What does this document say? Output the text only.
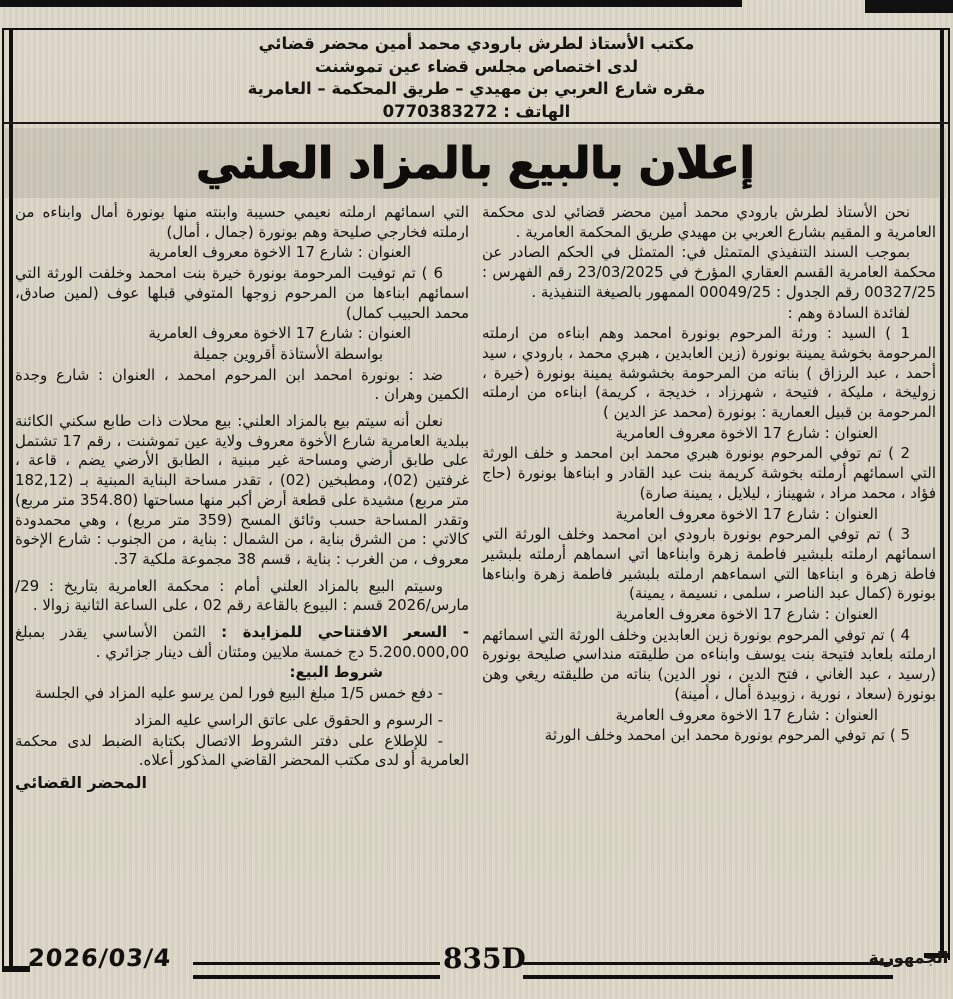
مكتب الأستاذ لطرش بارودي محمد أمين محضر قضائي
لدى اختصاص مجلس قضاء عين تموشنت
مقره شارع العربي بن مهيدي – طريق المحكمة – العامرية
الهاتف : 0770383272
إعلان بالبيع بالمزاد العلني

نحن الأستاذ لطرش بارودي محمد أمين محضر قضائي لدى محكمة العامرية و المقيم بشارع العربي بن مهيدي طريق المحكمة العامرية .

بموجب السند التنفيذي المتمثل في: المتمثل في الحكم الصادر عن محكمة العامرية القسم العقاري المؤرخ في 23/03/2025 رقم الفهرس : 00327/25 رقم الجدول : 00049/25 الممهور بالصيغة التنفيذية .

لفائدة السادة وهم :

1 ) السيد : ورثة المرحوم بونورة امحمد وهم ابناءه من ارملته المرحومة بخوشة يمينة بونورة (زين العابدين ، هبري محمد ، بارودي ، سيد أحمد ، عبد الرزاق ) بناته من المرحومة بخشوشة يمينة بونورة (خيرة ، زوليخة ، مليكة ، فتيحة ، شهرزاد ، خديجة ، كريمة) ابناءه من ارملته المرحومة بن قبيل العمارية : بونورة (محمد عز الدين )

العنوان : شارع 17 الاخوة معروف العامرية

2 ) تم توفي المرحوم بونورة هبري محمد ابن امحمد و خلف الورثة التي اسمائهم أرملته بخوشة كريمة بنت عبد القادر و ابناءها بونورة (حاج فؤاد ، محمد مراد ، شهيناز ، ليلايل ، يمينة صارة)

العنوان : شارع 17 الاخوة معروف العامرية

3 ) تم توفي المرحوم بونورة بارودي ابن امحمد وخلف الورثة التي اسمائهم ارملته بلبشير فاطمة زهرة وابناءها اتي اسماهم أرملته بلبشير فاطة زهرة و ابناءها التي اسماءهم ارملته بلبشير فاطمة زهرة وابناءها بونورة (كمال عبد الناصر ، سلمى ، نسيمة ، يمينة)

العنوان : شارع 17 الاخوة معروف العامرية

4 ) تم توفي المرحوم بونورة زين العابدين وخلف الورثة التي اسمائهم ارملته بلعابد فتيحة بنت يوسف وابناءه من طليقته منداسي صليحة بونورة (رسيد ، عبد الغاني ، فتح الدين ، نور الدين) بناته من طليقته ريغي وهن بونورة (سعاد ، نورية ، زوبيدة أمال ، أمينة)

العنوان : شارع 17 الاخوة معروف العامرية

5 ) تم توفي المرحوم بونورة محمد ابن امحمد وخلف الورثة

التي اسمائهم ارملته نعيمي حسيبة وابنته منها بونورة أمال وابناءه من ارملته فخارجي صليحة وهم بونورة (جمال ، أمال)

العنوان : شارع 17 الاخوة معروف العامرية

6 ) تم توفيت المرحومة بونورة خيرة بنت امحمد وخلفت الورثة التي اسمائهم ابناءها من المرحوم زوجها المتوفي قبلها عوف (لمين صادق، محمد الحبيب كمال)

العنوان : شارع 17 الاخوة معروف العامرية

بواسطة الأستاذة أقروين جميلة

ضد : بونورة امحمد ابن المرحوم امحمد ، العنوان : شارع وجدة الكمين وهران .

نعلن أنه سيتم بيع بالمزاد العلني: بيع محلات ذات طابع سكني الكائنة ببلدية العامرية شارع الأخوة معروف ولاية عين تموشنت ، رقم 17 تشتمل على طابق أرضي ومساحة غير مبنية ، الطابق الأرضي يضم ، قاعة ، غرفتين (02)، ومطبخين (02) ، تقدر مساحة البناية المبنية بـ (182,12 متر مربع) مشيدة على قطعة أرض أكبر منها مساحتها (354.80 متر مربع) وتقدر المساحة حسب وثائق المسح (359 متر مربع) ، وهي محمدودة كالاتي : من الشرق بناية ، من الشمال : بناية ، من الجنوب : شارع الإخوة معروف ، من الغرب : بناية ، قسم 38 مجموعة ملكية 37.

وسيتم البيع بالمزاد العلني أمام : محكمة العامرية بتاريخ : 29/مارس/2026 قسم : البيوع بالقاعة رقم 02 ، على الساعة الثانية زوالا .

- السعر الافتتاحي للمزايدة : الثمن الأساسي يقدر بمبلغ 5.200.000,00 دج خمسة ملايين ومئتان ألف دينار جزائري .

شروط البيع:

- دفع خمس 1/5 مبلغ البيع فورا لمن يرسو عليه المزاد في الجلسة

- الرسوم و الحقوق على عاتق الراسي عليه المزاد

- للإطلاع على دفتر الشروط الاتصال بكتابة الضبط لدى محكمة العامرية أو لدى مكتب المحضر القاضي المذكور أعلاه.

المحضر القضائي

2026/03/4	835D	الجمهورية
